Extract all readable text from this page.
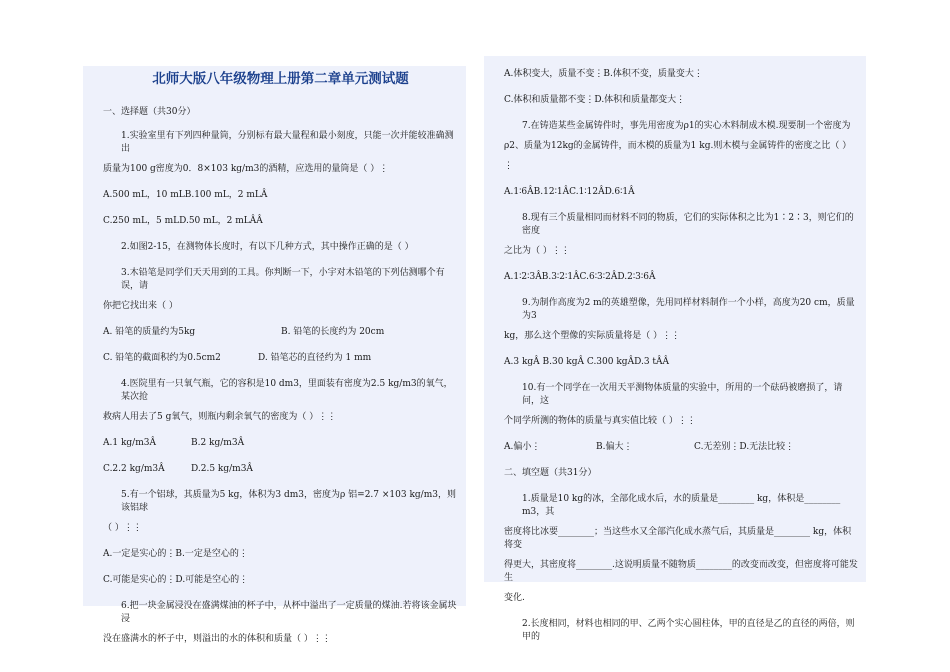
北师大版八年级物理上册第二章单元测试题

一、选择题（共30分）

1.实验室里有下列四种量筒，分别标有最大量程和最小刻度，只能一次并能较准确测出

质量为100 g密度为0．8×103 kg/m3的酒精，应选用的量筒是（ ）⋮

A.500 mL，10 mLB.100 mL，2 mLÂ

C.250 mL，5 mLD.50 mL，2 mLÂÂ

2.如图2-15，在测物体长度时，有以下几种方式，其中操作正确的是（ ）

3.木铅笔是同学们天天用到的工具。你判断一下，小宇对木铅笔的下列估测哪个有误，请

你把它找出来（ ）

A. 铅笔的质量约为5kg	B. 铅笔的长度约为 20cm
C. 铅笔的截面积约为0.5cm2	D. 铅笔芯的直径约为 1 mm

4.医院里有一只氧气瓶，它的容积是10 dm3，里面装有密度为2.5 kg/m3的氧气，某次抢

救病人用去了5 g氧气，则瓶内剩余氧气的密度为（ ）⋮⋮

A.1 kg/m3Â	B.2 kg/m3Â
C.2.2 kg/m3Â	D.2.5 kg/m3Â

5.有一个铝球，其质量为5 kg，体积为3 dm3，密度为ρ 铝=2.7 ×103 kg/m3，则该铝球

（ ）⋮⋮

A.一定是实心的⋮B.一定是空心的⋮

C.可能是实心的⋮D.可能是空心的⋮

6.把一块金属浸没在盛满煤油的杯子中，从杯中溢出了一定质量的煤油.若将该金属块浸

没在盛满水的杯子中，则溢出的水的体积和质量（ ）⋮⋮

A.体积变大，质量不变⋮B.体积不变，质量变大⋮

C.体积和质量都不变⋮D.体积和质量都变大⋮

7.在铸造某些金属铸件时，事先用密度为ρ1的实心木料制成木模.现要制一个密度为

ρ2、质量为12kg的金属铸件，而木模的质量为1 kg.则木模与金属铸件的密度之比（ ）

⋮

A.1∶6ÂB.12∶1ÂC.1∶12ÂD.6∶1Â

8.现有三个质量相同而材料不同的物质，它们的实际体积之比为1∶2∶3，则它们的密度

之比为（ ）⋮⋮

A.1∶2∶3ÂB.3∶2∶1ÂC.6∶3∶2ÂD.2∶3∶6Â

9.为制作高度为2 m的英雄塑像，先用同样材料制作一个小样，高度为20 cm，质量为3

kg，那么这个塑像的实际质量将是（ ）⋮⋮

A.3 kgÂ B.30 kgÂ C.300 kgÂD.3 tÂÂ

10.有一个同学在一次用天平测物体质量的实验中，所用的一个砝码被磨损了，请问，这

个同学所测的物体的质量与真实值比较（ ）⋮⋮

A.偏小⋮	B.偏大⋮	C.无差别⋮D.无法比较⋮

二、填空题（共31分）

1.质量是10 kg的冰，全部化成水后，水的质量是________ kg，体积是________ m3，其

密度将比冰要________；当这些水又全部汽化成水蒸气后，其质量是________ kg，体积将变

得更大，其密度将________.这说明质量不随物质________的改变而改变，但密度将可能发生

变化.

2.长度相同，材料也相同的甲、乙两个实心圆柱体，甲的直径是乙的直径的两倍，则甲的
